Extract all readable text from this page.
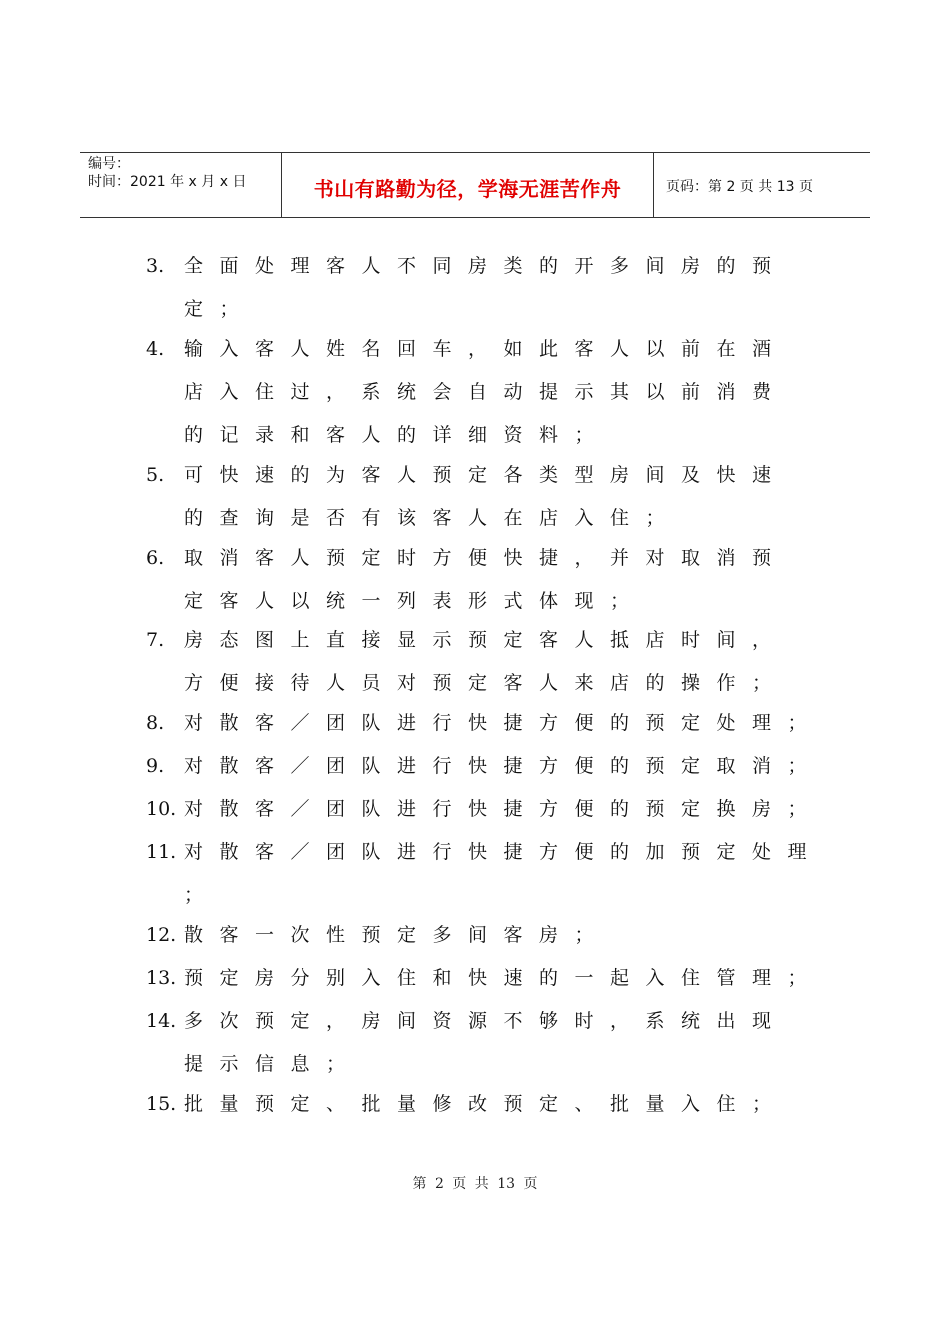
编号：
时间：2021 年 x 月 x 日	书山有路勤为径，学海无涯苦作舟	页码：第 2 页 共 13 页
3. 全面处理客人不同房类的开多间房的预
定；
4. 输入客人姓名回车，如此客人以前在酒
店入住过，系统会自动提示其以前消费
的记录和客人的详细资料；
5. 可快速的为客人预定各类型房间及快速
的查询是否有该客人在店入住；
6. 取消客人预定时方便快捷，并对取消预
定客人以统一列表形式体现；
7. 房态图上直接显示预定客人抵店时间，
方便接待人员对预定客人来店的操作；
8. 对散客／团队进行快捷方便的预定处理；
9. 对散客／团队进行快捷方便的预定取消；
10. 对散客／团队进行快捷方便的预定换房；
11. 对散客／团队进行快捷方便的加预定处理
；
12. 散客一次性预定多间客房；
13. 预定房分别入住和快速的一起入住管理；
14. 多次预定，房间资源不够时，系统出现
提示信息；
15. 批量预定、批量修改预定、批量入住；
第 2 页 共 13 页
